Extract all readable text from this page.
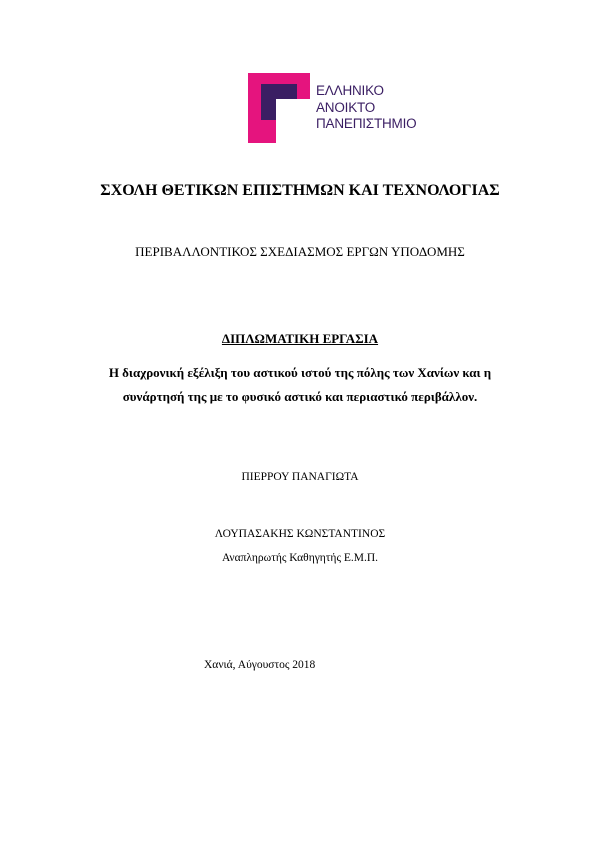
ΕΛΛΗΝΙΚΟ
ΑΝΟΙΚΤΟ
ΠΑΝΕΠΙΣΤΗΜΙΟ
ΣΧΟΛΗ ΘΕΤΙΚΩΝ ΕΠΙΣΤΗΜΩΝ ΚΑΙ ΤΕΧΝΟΛΟΓΙΑΣ
ΠΕΡΙΒΑΛΛΟΝΤΙΚΟΣ ΣΧΕΔΙΑΣΜΟΣ ΕΡΓΩΝ ΥΠΟΔΟΜΗΣ
ΔΙΠΛΩΜΑΤΙΚΗ ΕΡΓΑΣΙΑ
Η διαχρονική εξέλιξη του αστικού ιστού της πόλης των Χανίων και η
συνάρτησή της με το φυσικό αστικό και περιαστικό περιβάλλον.
ΠΙΕΡΡΟΥ ΠΑΝΑΓΙΩΤΑ
ΛΟΥΠΑΣΑΚΗΣ ΚΩΝΣΤΑΝΤΙΝΟΣ
Αναπληρωτής Καθηγητής Ε.Μ.Π.
Χανιά, Αύγουστος 2018
